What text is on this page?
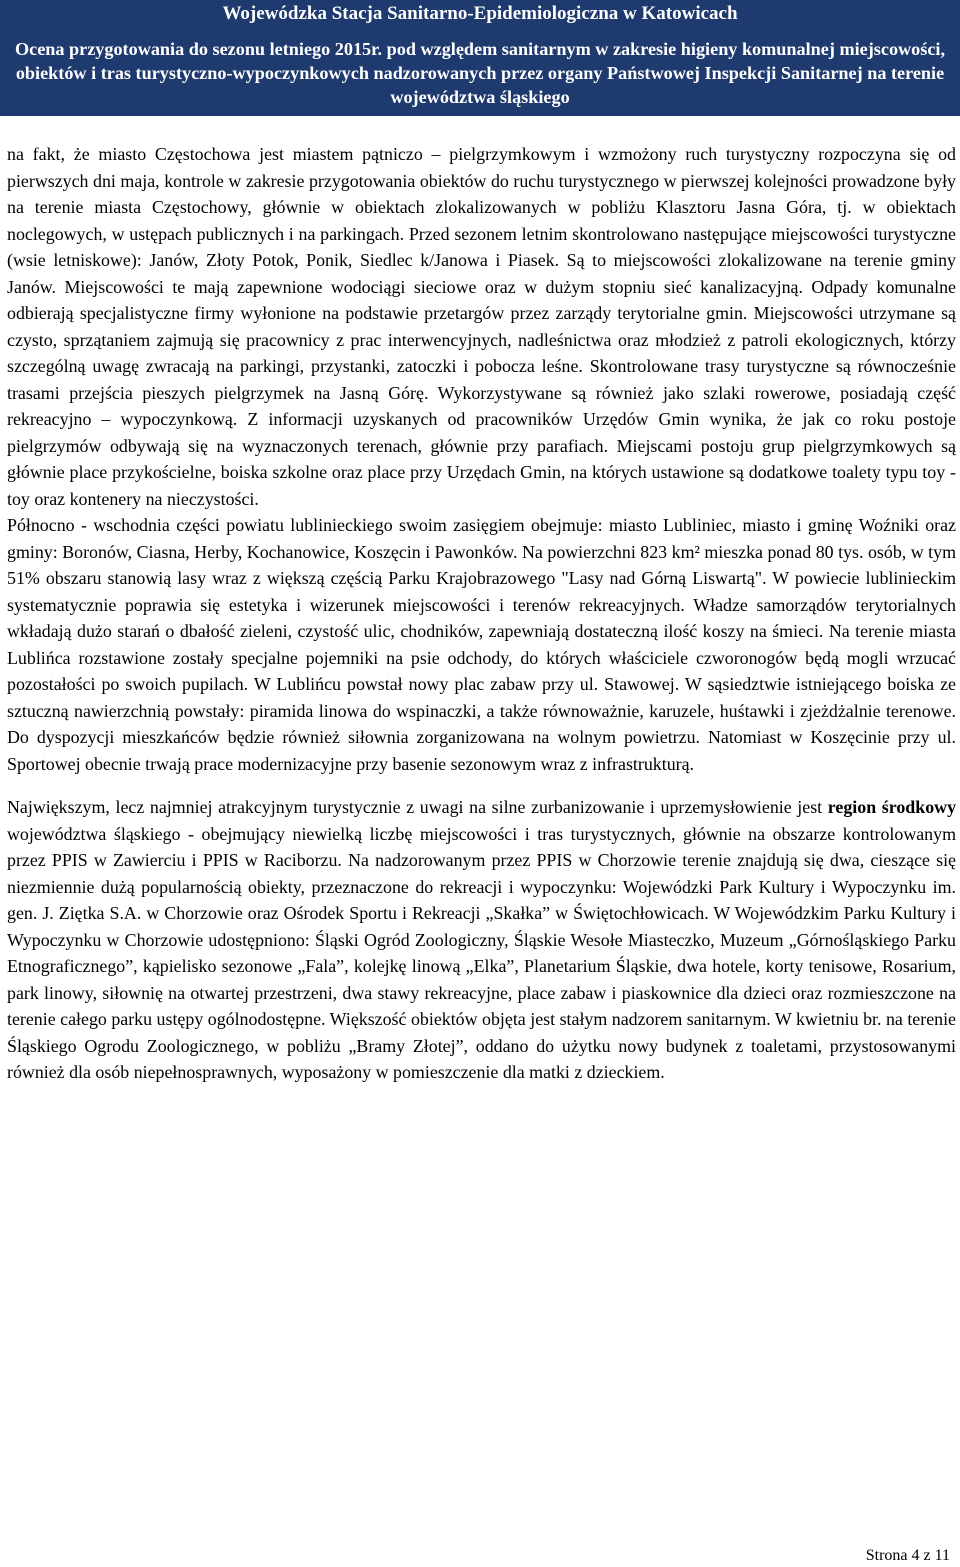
Wojewódzka Stacja Sanitarno-Epidemiologiczna w Katowicach
Ocena przygotowania do sezonu letniego 2015r. pod względem sanitarnym w zakresie higieny komunalnej miejscowości, obiektów i tras turystyczno-wypoczynkowych nadzorowanych przez organy Państwowej Inspekcji Sanitarnej na terenie województwa śląskiego

na fakt, że miasto Częstochowa jest miastem pątniczo – pielgrzymkowym i wzmożony ruch turystyczny rozpoczyna się od pierwszych dni maja, kontrole w zakresie przygotowania obiektów do ruchu turystycznego w pierwszej kolejności prowadzone były na terenie miasta Częstochowy, głównie w obiektach zlokalizowanych w pobliżu Klasztoru Jasna Góra, tj. w obiektach noclegowych, w ustępach publicznych i na parkingach. Przed sezonem letnim skontrolowano następujące miejscowości turystyczne (wsie letniskowe): Janów, Złoty Potok, Ponik, Siedlec k/Janowa i Piasek. Są to miejscowości zlokalizowane na terenie gminy Janów. Miejscowości te mają zapewnione wodociągi sieciowe oraz w dużym stopniu sieć kanalizacyjną. Odpady komunalne odbierają specjalistyczne firmy wyłonione na podstawie przetargów przez zarządy terytorialne gmin. Miejscowości utrzymane są czysto, sprzątaniem zajmują się pracownicy z prac interwencyjnych, nadleśnictwa oraz młodzież z patroli ekologicznych, którzy szczególną uwagę zwracają na parkingi, przystanki, zatoczki i pobocza leśne. Skontrolowane trasy turystyczne są równocześnie trasami przejścia pieszych pielgrzymek na Jasną Górę. Wykorzystywane są również jako szlaki rowerowe, posiadają część rekreacyjno – wypoczynkową. Z informacji uzyskanych od pracowników Urzędów Gmin wynika, że jak co roku postoje pielgrzymów odbywają się na wyznaczonych terenach, głównie przy parafiach. Miejscami postoju grup pielgrzymkowych są głównie place przykościelne, boiska szkolne oraz place przy Urzędach Gmin, na których ustawione są dodatkowe toalety typu toy - toy oraz kontenery na nieczystości.

Północno - wschodnia części powiatu lublinieckiego swoim zasięgiem obejmuje: miasto Lubliniec, miasto i gminę Woźniki oraz gminy: Boronów, Ciasna, Herby, Kochanowice, Koszęcin i Pawonków. Na powierzchni 823 km² mieszka ponad 80 tys. osób, w tym 51% obszaru stanowią lasy wraz z większą częścią Parku Krajobrazowego "Lasy nad Górną Liswartą". W powiecie lublinieckim systematycznie poprawia się estetyka i wizerunek miejscowości i terenów rekreacyjnych. Władze samorządów terytorialnych wkładają dużo starań o dbałość zieleni, czystość ulic, chodników, zapewniają dostateczną ilość koszy na śmieci. Na terenie miasta Lublińca rozstawione zostały specjalne pojemniki na psie odchody, do których właściciele czworonogów będą mogli wrzucać pozostałości po swoich pupilach. W Lublińcu powstał nowy plac zabaw przy ul. Stawowej. W sąsiedztwie istniejącego boiska ze sztuczną nawierzchnią powstały: piramida linowa do wspinaczki, a także równoważnie, karuzele, huśtawki i zjeżdżalnie terenowe. Do dyspozycji mieszkańców będzie również siłownia zorganizowana na wolnym powietrzu. Natomiast w Koszęcinie przy ul. Sportowej obecnie trwają prace modernizacyjne przy basenie sezonowym wraz z infrastrukturą.

Największym, lecz najmniej atrakcyjnym turystycznie z uwagi na silne zurbanizowanie i uprzemysłowienie jest region środkowy województwa śląskiego - obejmujący niewielką liczbę miejscowości i tras turystycznych, głównie na obszarze kontrolowanym przez PPIS w Zawierciu i PPIS w Raciborzu. Na nadzorowanym przez PPIS w Chorzowie terenie znajdują się dwa, cieszące się niezmiennie dużą popularnością obiekty, przeznaczone do rekreacji i wypoczynku: Wojewódzki Park Kultury i Wypoczynku im. gen. J. Ziętka S.A. w Chorzowie oraz Ośrodek Sportu i Rekreacji „Skałka” w Świętochłowicach. W Wojewódzkim Parku Kultury i Wypoczynku w Chorzowie udostępniono: Śląski Ogród Zoologiczny, Śląskie Wesołe Miasteczko, Muzeum „Górnośląskiego Parku Etnograficznego”, kąpielisko sezonowe „Fala”, kolejkę linową „Elka”, Planetarium Śląskie, dwa hotele, korty tenisowe, Rosarium, park linowy, siłownię na otwartej przestrzeni, dwa stawy rekreacyjne, place zabaw i piaskownice dla dzieci oraz rozmieszczone na terenie całego parku ustępy ogólnodostępne. Większość obiektów objęta jest stałym nadzorem sanitarnym. W kwietniu br. na terenie Śląskiego Ogrodu Zoologicznego, w pobliżu „Bramy Złotej”, oddano do użytku nowy budynek z toaletami, przystosowanymi również dla osób niepełnosprawnych, wyposażony w pomieszczenie dla matki z dzieckiem.

Strona 4 z 11
